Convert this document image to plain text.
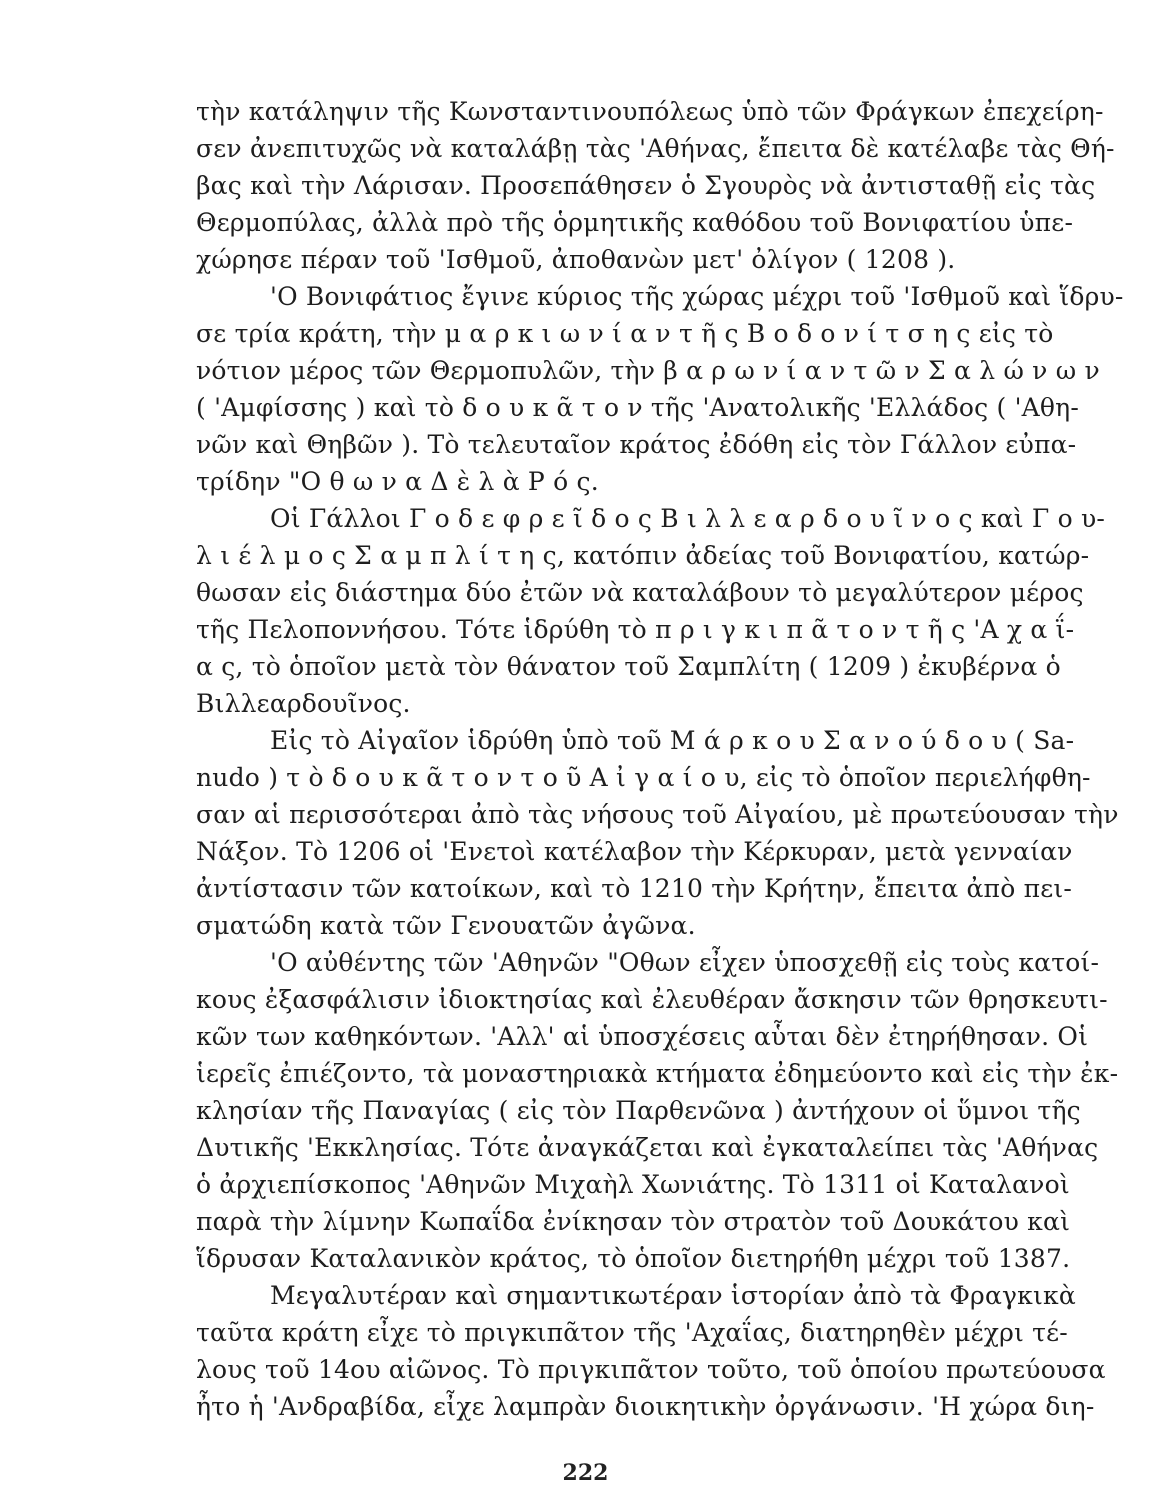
τὴν κατάληψιν τῆς Κωνσταντινουπόλεως ὑπὸ τῶν Φράγκων ἐπεχείρη-
σεν ἀνεπιτυχῶς νὰ καταλάβῃ τὰς 'Αθήνας, ἔπειτα δὲ κατέλαβε τὰς Θή-
βας καὶ τὴν Λάρισαν. Προσεπάθησεν ὁ Σγουρὸς νὰ ἀντισταθῇ εἰς τὰς
Θερμοπύλας, ἀλλὰ πρὸ τῆς ὁρμητικῆς καθόδου τοῦ Βονιφατίου ὑπε-
χώρησε πέραν τοῦ 'Ισθμοῦ, ἀποθανὼν μετ' ὀλίγον ( 1208 ).
'Ο Βονιφάτιος ἔγινε κύριος τῆς χώρας μέχρι τοῦ 'Ισθμοῦ καὶ ἵδρυ-
σε τρία κράτη, τὴν μ α ρ κ ι ω ν ί α ν τ ῆ ς Β ο δ ο ν ί τ σ η ς εἰς τὸ
νότιον μέρος τῶν Θερμοπυλῶν, τὴν β α ρ ω ν ί α ν τ ῶ ν Σ α λ ώ ν ω ν
( 'Αμφίσσης ) καὶ τὸ δ ο υ κ ᾶ τ ο ν τῆς 'Ανατολικῆς 'Ελλάδος ( 'Αθη-
νῶν καὶ Θηβῶν ). Τὸ τελευταῖον κράτος ἐδόθη εἰς τὸν Γάλλον εὐπα-
τρίδην "Ο θ ω ν α Δ ὲ λ ὰ Ρ ό ς.
Οἱ Γάλλοι Γ ο δ ε φ ρ ε ῖ δ ο ς Β ι λ λ ε α ρ δ ο υ ῖ ν ο ς καὶ Γ ο υ-
λ ι έ λ μ ο ς Σ α μ π λ ί τ η ς, κατόπιν ἀδείας τοῦ Βονιφατίου, κατώρ-
θωσαν εἰς διάστημα δύο ἐτῶν νὰ καταλάβουν τὸ μεγαλύτερον μέρος
τῆς Πελοποννήσου. Τότε ἱδρύθη τὸ π ρ ι γ κ ι π ᾶ τ ο ν τ ῆ ς 'Α χ α ΐ-
α ς, τὸ ὁποῖον μετὰ τὸν θάνατον τοῦ Σαμπλίτη ( 1209 ) ἐκυβέρνα ὁ
Βιλλεαρδουῖνος.
Εἰς τὸ Αἰγαῖον ἱδρύθη ὑπὸ τοῦ Μ ά ρ κ ο υ Σ α ν ο ύ δ ο υ ( Sa-
nudo ) τ ὸ δ ο υ κ ᾶ τ ο ν τ ο ῦ Α ἰ γ α ί ο υ, εἰς τὸ ὁποῖον περιελήφθη-
σαν αἱ περισσότεραι ἀπὸ τὰς νήσους τοῦ Αἰγαίου, μὲ πρωτεύουσαν τὴν
Νάξον. Τὸ 1206 οἱ 'Ενετοὶ κατέλαβον τὴν Κέρκυραν, μετὰ γενναίαν
ἀντίστασιν τῶν κατοίκων, καὶ τὸ 1210 τὴν Κρήτην, ἔπειτα ἀπὸ πει-
σματώδη κατὰ τῶν Γενουατῶν ἀγῶνα.
'Ο αὐθέντης τῶν 'Αθηνῶν "Οθων εἶχεν ὑποσχεθῇ εἰς τοὺς κατοί-
κους ἐξασφάλισιν ἰδιοκτησίας καὶ ἐλευθέραν ἄσκησιν τῶν θρησκευτι-
κῶν των καθηκόντων. 'Αλλ' αἱ ὑποσχέσεις αὗται δὲν ἐτηρήθησαν. Οἱ
ἱερεῖς ἐπιέζοντο, τὰ μοναστηριακὰ κτήματα ἐδημεύοντο καὶ εἰς τὴν ἐκ-
κλησίαν τῆς Παναγίας ( εἰς τὸν Παρθενῶνα ) ἀντήχουν οἱ ὕμνοι τῆς
Δυτικῆς 'Εκκλησίας. Τότε ἀναγκάζεται καὶ ἐγκαταλείπει τὰς 'Αθήνας
ὁ ἀρχιεπίσκοπος 'Αθηνῶν Μιχαὴλ Χωνιάτης. Τὸ 1311 οἱ Καταλανοὶ
παρὰ τὴν λίμνην Κωπαΐδα ἐνίκησαν τὸν στρατὸν τοῦ Δουκάτου καὶ
ἵδρυσαν Καταλανικὸν κράτος, τὸ ὁποῖον διετηρήθη μέχρι τοῦ 1387.
Μεγαλυτέραν καὶ σημαντικωτέραν ἱστορίαν ἀπὸ τὰ Φραγκικὰ
ταῦτα κράτη εἶχε τὸ πριγκιπᾶτον τῆς 'Αχαΐας, διατηρηθὲν μέχρι τέ-
λους τοῦ 14ου αἰῶνος. Τὸ πριγκιπᾶτον τοῦτο, τοῦ ὁποίου πρωτεύουσα
ἦτο ἡ 'Ανδραβίδα, εἶχε λαμπρὰν διοικητικὴν ὀργάνωσιν. 'Η χώρα διη-
222
